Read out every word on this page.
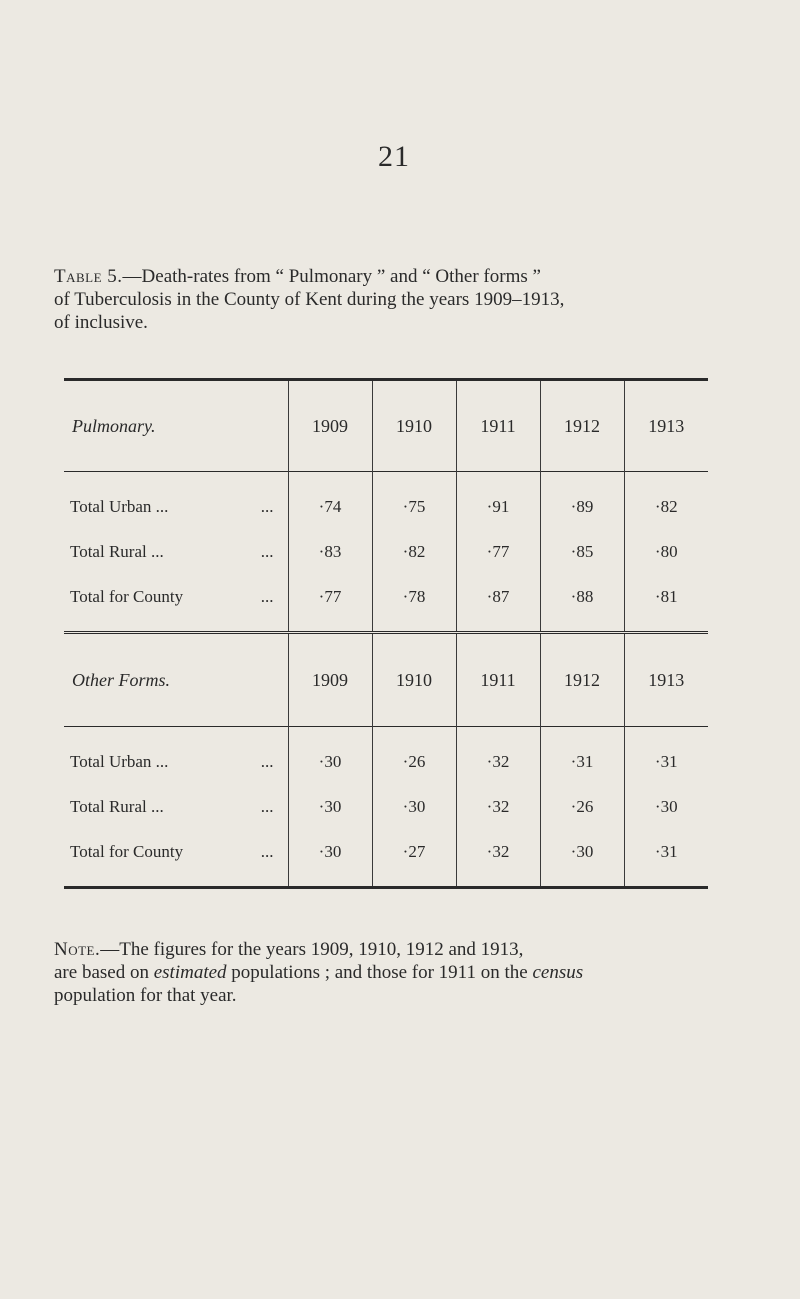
21
Table 5.—Death-rates from “ Pulmonary ” and “ Other forms ”
of Tuberculosis in the County of Kent during the years 1909–1913,
of inclusive.
Pulmonary.	1909	1910	1911	1912	1913

Total Urban ... ...	·74	·75	·91	·89	·82

Total Rural ... ...	·83	·82	·77	·85	·80

Total for County ...	·77	·78	·87	·88	·81
Other Forms.	1909	1910	1911	1912	1913

Total Urban ... ...	·30	·26	·32	·31	·31

Total Rural ... ...	·30	·30	·32	·26	·30

Total for County ...	·30	·27	·32	·30	·31
Note.—The figures for the years 1909, 1910, 1912 and 1913,
are based on estimated populations ; and those for 1911 on the census
population for that year.
